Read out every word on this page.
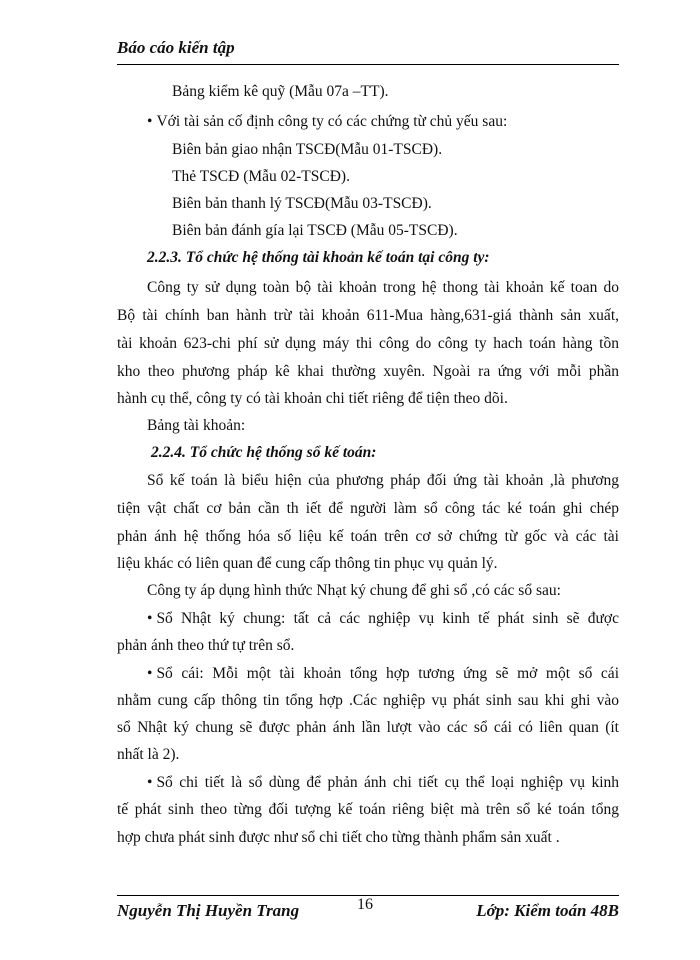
Báo cáo kiến tập
Bảng kiểm kê quỹ (Mẫu 07a –TT).
• Với tài sản cố định công ty có các chứng từ chủ yếu sau:
Biên bản giao nhận TSCĐ(Mẫu 01-TSCĐ).
Thẻ TSCĐ (Mẫu 02-TSCĐ).
Biên bản thanh lý TSCĐ(Mẫu 03-TSCĐ).
Biên bản đánh gía lại TSCĐ (Mẫu 05-TSCĐ).
2.2.3. Tổ chức hệ thống tài khoản kế toán tại công ty:
Công ty sử dụng toàn bộ tài khoản trong hệ thong tài khoản kế toan do
Bộ tài chính ban hành trừ tài khoản 611-Mua hàng,631-giá thành sản xuất,
tài khoản 623-chi phí sử dụng máy thi công do công ty hach toán hàng tồn
kho theo phương pháp kê khai thường xuyên. Ngoài ra ứng với mỗi phần
hành cụ thể, công ty có tài khoản chi tiết riêng để tiện theo dõi.
Bảng tài khoản:
2.2.4. Tổ chức hệ thống sổ kế toán:
Sổ kế toán là biểu hiện của phương pháp đối ứng tài khoản ,là phương
tiện vật chất cơ bản cần th iết để người làm sổ công tác ké toán ghi chép
phản ánh hệ thống hóa số liệu kế toán trên cơ sở chứng từ gốc và các tài
liệu khác có liên quan để cung cấp thông tin phục vụ quản lý.
Công ty áp dụng hình thức Nhạt ký chung để ghi sổ ,có các sổ sau:
• Sổ Nhật ký chung: tất cả các nghiệp vụ kinh tế phát sinh sẽ được
phản ánh theo thứ tự trên sổ.
• Sổ cái: Mỗi một tài khoản tổng hợp tương ứng sẽ mở một sổ cái
nhằm cung cấp thông tin tổng hợp .Các nghiệp vụ phát sinh sau khi ghi vào
sổ Nhật ký chung sẽ được phản ánh lần lượt vào các sổ cái có liên quan (ít
nhất là 2).
• Sổ chi tiết là sổ dùng để phản ánh chi tiết cụ thể loại nghiệp vụ kinh
tế phát sinh theo từng đối tượng kế toán riêng biệt mà trên sổ ké toán tổng
hợp chưa phát sinh được như sổ chi tiết cho từng thành phẩm sản xuất .
Nguyễn Thị Huyền Trang	16	Lớp: Kiểm toán 48B
